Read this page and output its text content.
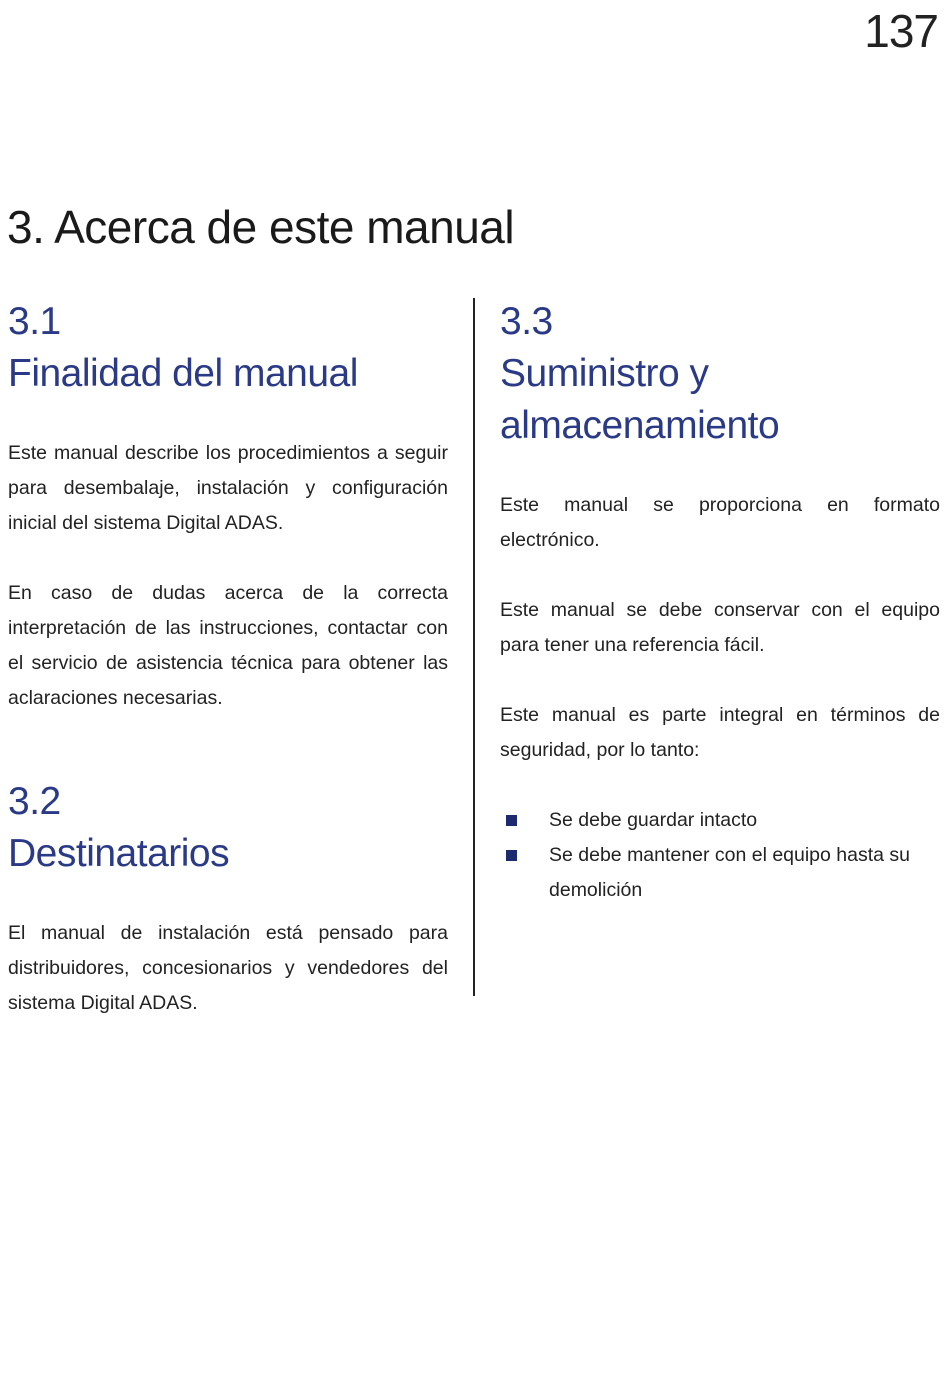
137
3. Acerca de este manual
3.1
Finalidad del manual

Este manual describe los procedimientos a seguir para desembalaje, instalación y configuración inicial del sistema Digital ADAS.

En caso de dudas acerca de la correcta interpretación de las instrucciones, contactar con el servicio de asistencia técnica para obtener las aclaraciones necesarias.

3.2
Destinatarios

El manual de instalación está pensado para distribuidores, concesionarios y vendedores del sistema Digital ADAS.

3.3
Suministro y
almacenamiento

Este manual se proporciona en formato electrónico.

Este manual se debe conservar con el equipo para tener una referencia fácil.

Este manual es parte integral en términos de seguridad, por lo tanto:

Se debe guardar intacto
Se debe mantener con el equipo hasta su demolición
